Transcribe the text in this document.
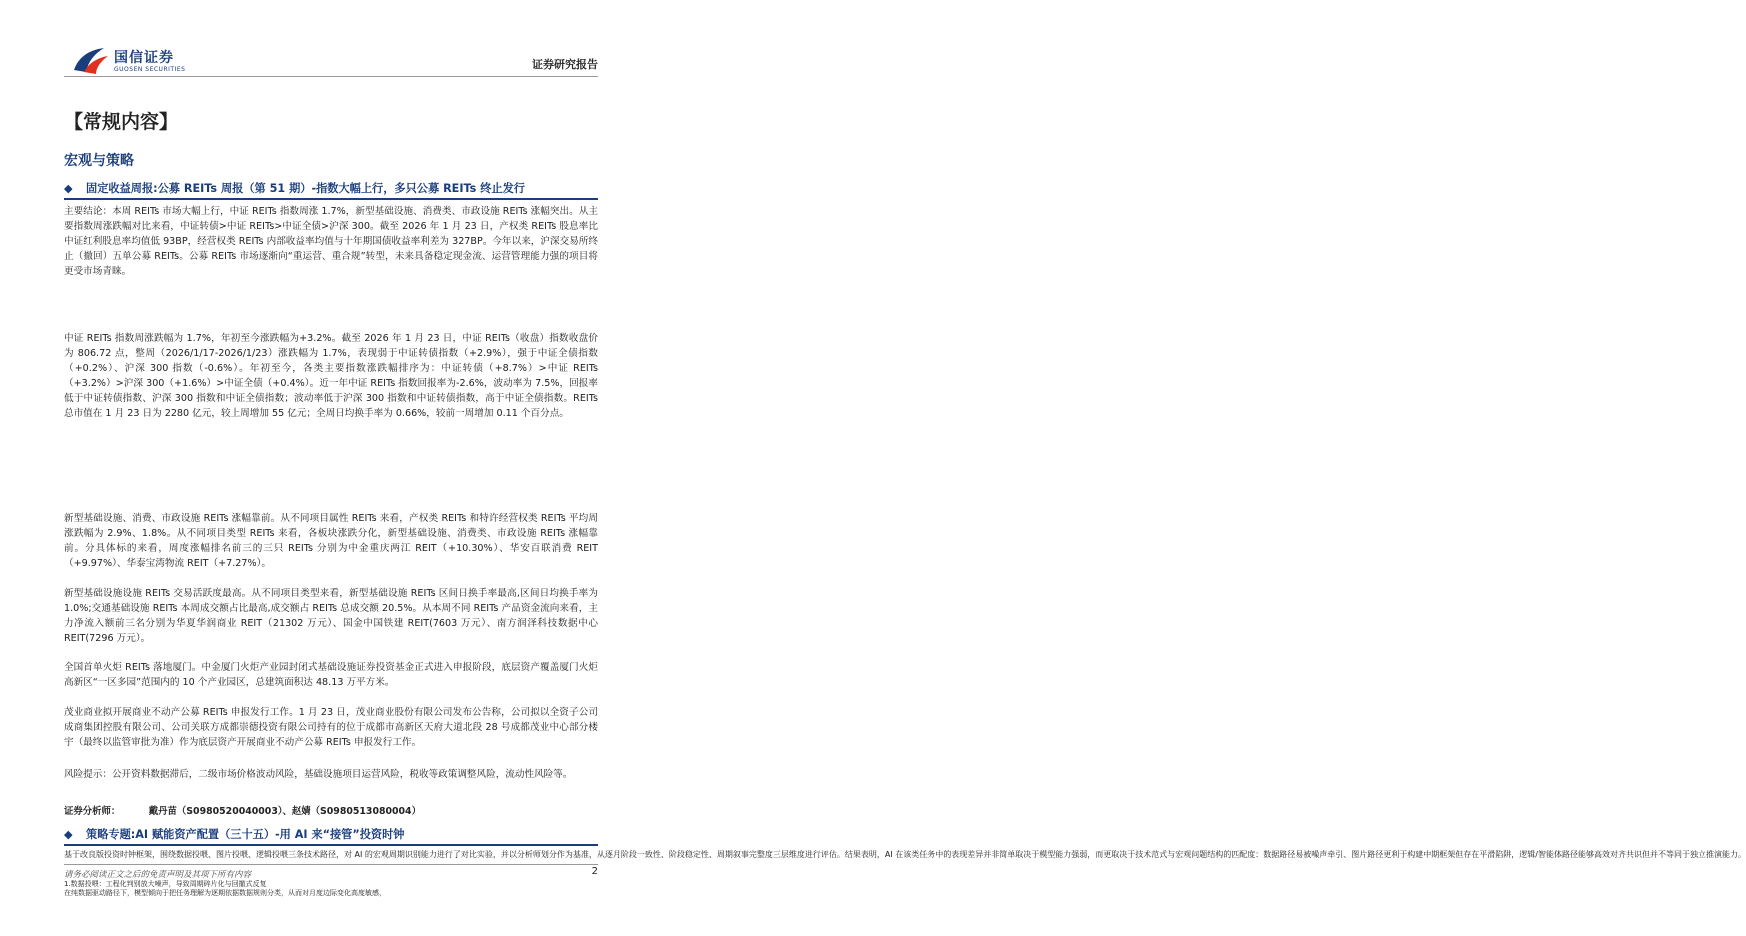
国信证券
GUOSEN SECURITIES	证券研究报告
【常规内容】
宏观与策略
◆ 固定收益周报:公募 REITs 周报（第 51 期）-指数大幅上行，多只公募 REITs 终止发行
主要结论：本周 REITs 市场大幅上行，中证 REITs 指数周涨 1.7%，新型基础设施、消费类、市政设施 REITs 涨幅突出。从主要指数周涨跌幅对比来看，中证转债>中证 REITs>中证全债>沪深 300。截至 2026 年 1 月 23 日，产权类 REITs 股息率比中证红利股息率均值低 93BP，经营权类 REITs 内部收益率均值与十年期国债收益率利差为 327BP。今年以来，沪深交易所终止（撤回）五单公募 REITs。公募 REITs 市场逐渐向“重运营、重合规”转型，未来具备稳定现金流、运营管理能力强的项目将更受市场青睐。
中证 REITs 指数周涨跌幅为 1.7%，年初至今涨跌幅为+3.2%。截至 2026 年 1 月 23 日，中证 REITs（收盘）指数收盘价为 806.72 点，整周（2026/1/17-2026/1/23）涨跌幅为 1.7%，表现弱于中证转债指数（+2.9%），强于中证全债指数（+0.2%）、沪深 300 指数（-0.6%）。年初至今，各类主要指数涨跌幅排序为：中证转债（+8.7%）>中证 REITs（+3.2%）>沪深 300（+1.6%）>中证全债（+0.4%）。近一年中证 REITs 指数回报率为-2.6%，波动率为 7.5%，回报率低于中证转债指数、沪深 300 指数和中证全债指数；波动率低于沪深 300 指数和中证转债指数，高于中证全债指数。REITs 总市值在 1 月 23 日为 2280 亿元，较上周增加 55 亿元；全周日均换手率为 0.66%，较前一周增加 0.11 个百分点。
新型基础设施、消费、市政设施 REITs 涨幅靠前。从不同项目属性 REITs 来看，产权类 REITs 和特许经营权类 REITs 平均周涨跌幅为 2.9%、1.8%。从不同项目类型 REITs 来看，各板块涨跌分化，新型基础设施、消费类、市政设施 REITs 涨幅靠前。分具体标的来看，周度涨幅排名前三的三只 REITs 分别为中金重庆两江 REIT（+10.30%）、华安百联消费 REIT（+9.97%）、华泰宝湾物流 REIT（+7.27%）。
新型基础设施设施 REITs 交易活跃度最高。从不同项目类型来看，新型基础设施 REITs 区间日换手率最高,区间日均换手率为 1.0%;交通基础设施 REITs 本周成交额占比最高,成交额占 REITs 总成交额 20.5%。从本周不同 REITs 产品资金流向来看，主力净流入额前三名分别为华夏华润商业 REIT（21302 万元）、国金中国铁建 REIT(7603 万元）、南方润泽科技数据中心 REIT(7296 万元）。
全国首单火炬 REITs 落地厦门。中金厦门火炬产业园封闭式基础设施证券投资基金正式进入申报阶段，底层资产覆盖厦门火炬高新区“一区多园”范围内的 10 个产业园区，总建筑面积达 48.13 万平方米。
茂业商业拟开展商业不动产公募 REITs 申报发行工作。1 月 23 日，茂业商业股份有限公司发布公告称，公司拟以全资子公司成商集团控股有限公司、公司关联方成都崇德投资有限公司持有的位于成都市高新区天府大道北段 28 号成都茂业中心部分楼宇（最终以监管审批为准）作为底层资产开展商业不动产公募 REITs 申报发行工作。
风险提示：公开资料数据滞后，二级市场价格波动风险，基础设施项目运营风险，税收等政策调整风险，流动性风险等。
证券分析师：	戴丹苗（S0980520040003）、赵婧（S0980513080004）
◆ 策略专题:AI 赋能资产配置（三十五）-用 AI 来“接管”投资时钟
基于改良版投资时钟框架，围绕数据投喂、图片投喂、逻辑投喂三条技术路径，对 AI 的宏观周期识别能力进行了对比实验，并以分析师划分作为基准，从逐月阶段一致性、阶段稳定性、周期叙事完整度三层维度进行评估。结果表明，AI 在该类任务中的表现差异并非简单取决于模型能力强弱，而更取决于技术范式与宏观问题结构的匹配度：数据路径易被噪声牵引、图片路径更利于构建中期框架但存在平滑陷阱，逻辑/智能体路径能够高效对齐共识但并不等同于独立推演能力。
请务必阅读正文之后的免责声明及其项下所有内容	2
1.数据投喂：工程化判别放大噪声，导致周期碎片化与回撤式反复
在纯数据驱动路径下，模型倾向于把任务理解为逐期依据数据规则分类，从而对月度边际变化高度敏感，
